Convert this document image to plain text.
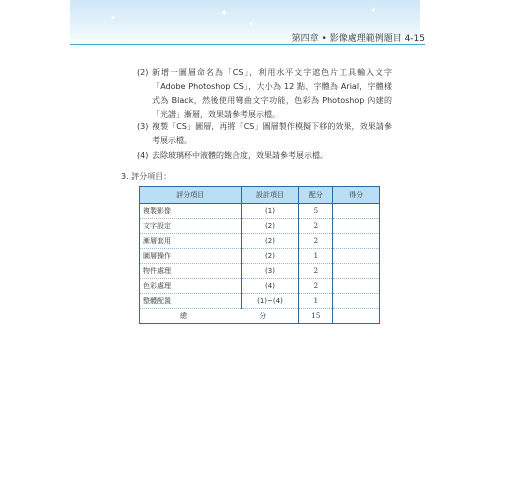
✦
✦
✦
✦
第四章 • 影像處理範例題目 4-15
(2) 新增一圖層命名為「CS」，利用水平文字遮色片工具輸入文字「Adobe Photoshop CS」，大小為 12 點、字體為 Arial，字體樣式為 Black，然後使用彎曲文字功能，色彩為 Photoshop 內建的「光譜」漸層，效果請參考展示檔。
(3) 複製「CS」圖層，再將「CS」圖層製作模擬下移的效果，效果請參考展示檔。
(4) 去除玻璃杯中液體的飽合度，效果請參考展示檔。
3. 評分項目：
評分項目	設計項目	配分	得分
複製影像	(1)	5	
文字設定	(2)	2	
漸層套用	(2)	2	
圖層操作	(2)	1	
物件處理	(3)	2	
色彩處理	(4)	2	
整體配置	(1)~(4)	1	
總 分		15	
